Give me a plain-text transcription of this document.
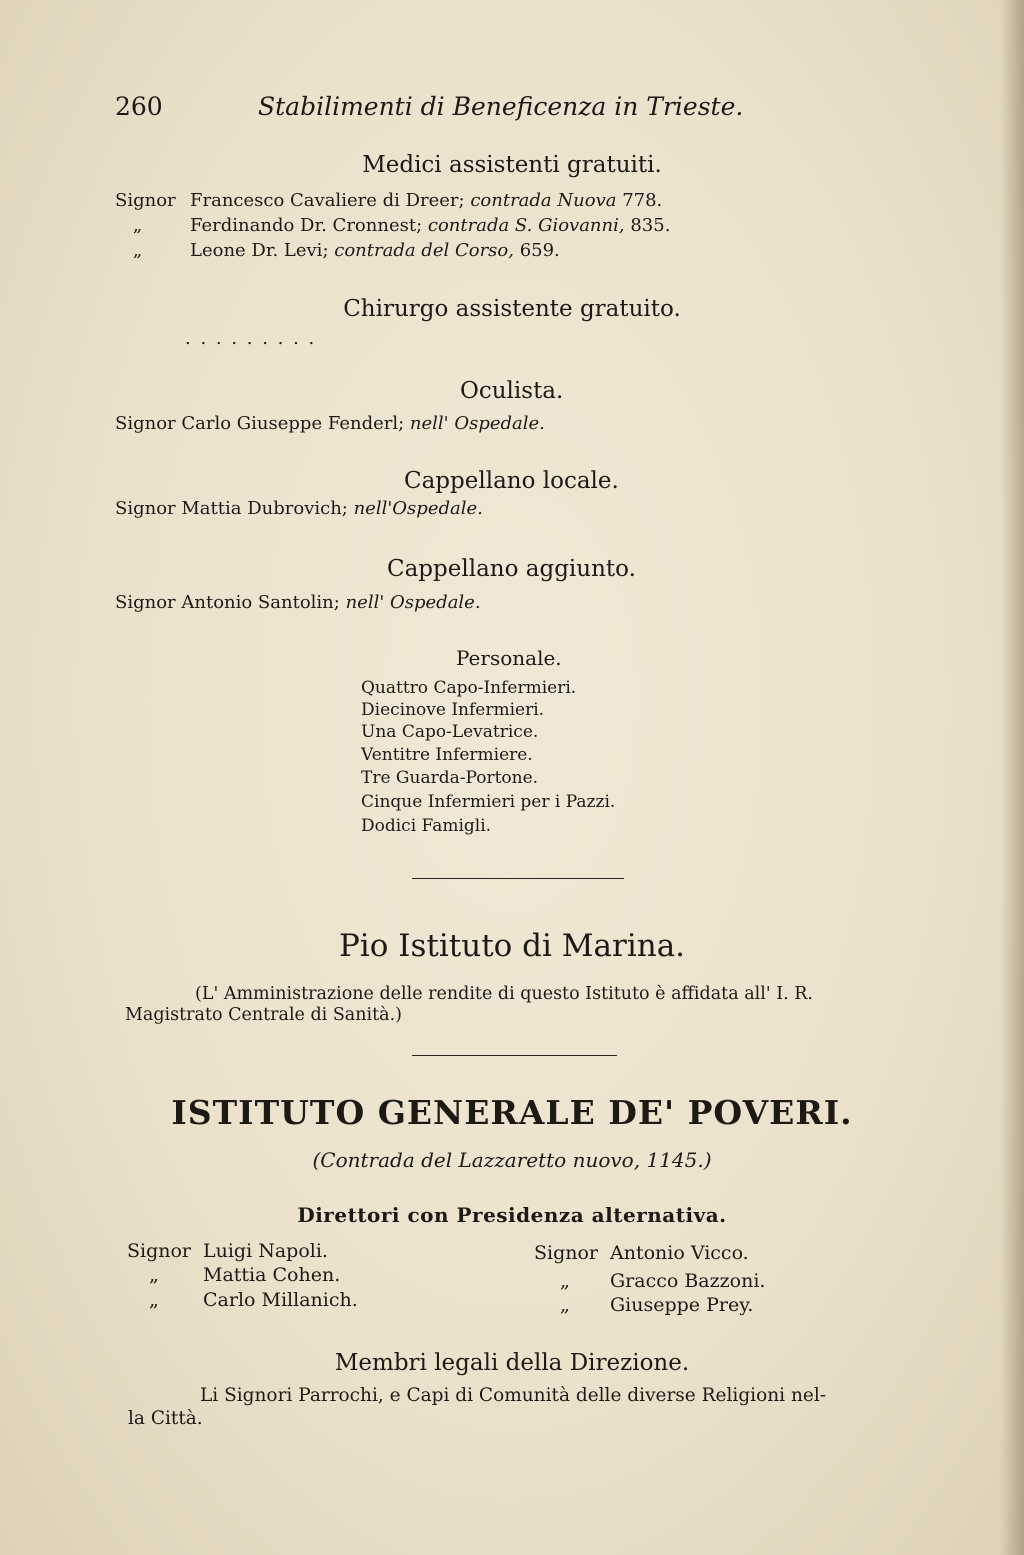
260	Stabilimenti di Beneficenza in Trieste.
Medici assistenti gratuiti.
Signor Francesco Cavaliere di Dreer; contrada Nuova 778.
„	Ferdinando Dr. Cronnest; contrada S. Giovanni, 835.
„	Leone Dr. Levi; contrada del Corso, 659.
Chirurgo assistente gratuito.
. . . . . . . . .
Oculista.
Signor Carlo Giuseppe Fenderl; nell' Ospedale.
Cappellano locale.
Signor Mattia Dubrovich; nell'Ospedale.
Cappellano aggiunto.
Signor Antonio Santolin; nell' Ospedale.
Personale.
Quattro Capo-Infermieri.
Diecinove Infermieri.
Una Capo-Levatrice.
Ventitre Infermiere.
Tre Guarda-Portone.
Cinque Infermieri per i Pazzi.
Dodici Famigli.
Pio Istituto di Marina.
(L' Amministrazione delle rendite di questo Istituto è affidata all' I. R.
Magistrato Centrale di Sanità.)
ISTITUTO GENERALE DE' POVERI.
(Contrada del Lazzaretto nuovo, 1145.)
Direttori con Presidenza alternativa.
Signor Luigi Napoli.
„ Mattia Cohen.
„ Carlo Millanich.
Signor Antonio Vicco.
„ Gracco Bazzoni.
„ Giuseppe Prey.
Membri legali della Direzione.
Li Signori Parrochi, e Capi di Comunità delle diverse Religioni nel-
la Città.
